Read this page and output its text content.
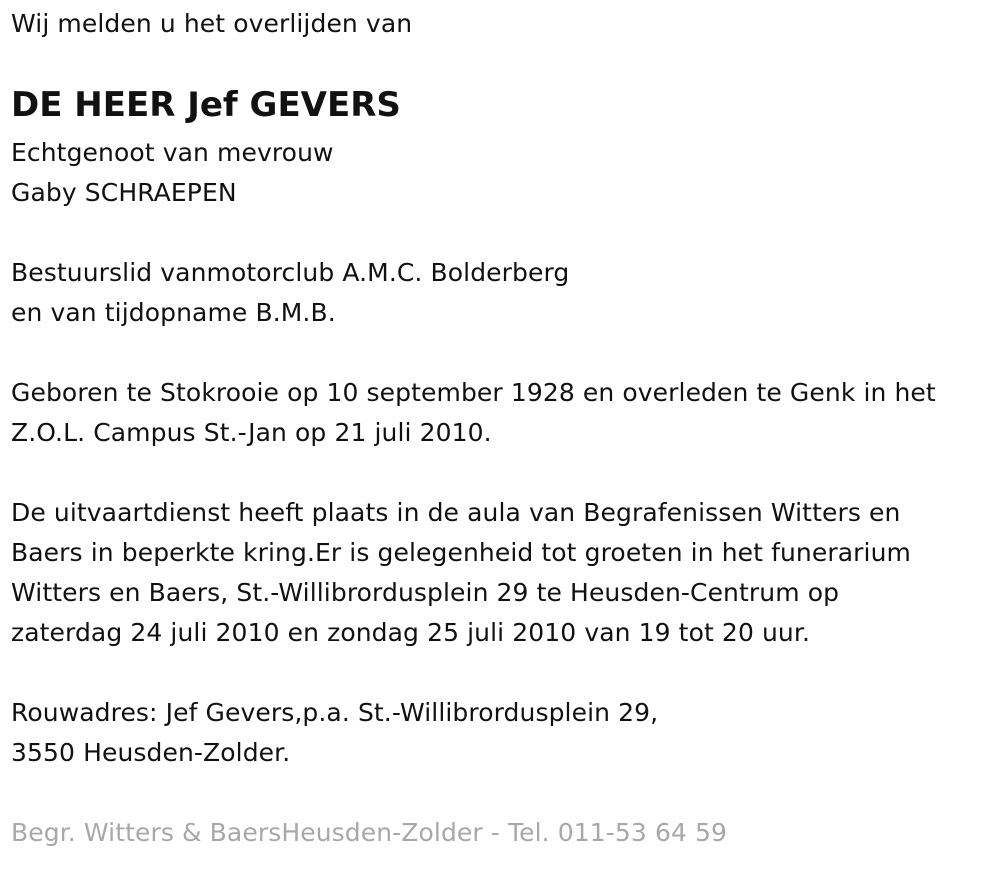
Wij melden u het overlijden van
DE HEER Jef GEVERS
Echtgenoot van mevrouw
Gaby SCHRAEPEN
Bestuurslid vanmotorclub A.M.C. Bolderberg
en van tijdopname B.M.B.
Geboren te Stokrooie op 10 september 1928 en overleden te Genk in het
Z.O.L. Campus St.-Jan op 21 juli 2010.
De uitvaartdienst heeft plaats in de aula van Begrafenissen Witters en
Baers in beperkte kring.Er is gelegenheid tot groeten in het funerarium
Witters en Baers, St.-Willibrordusplein 29 te Heusden-Centrum op
zaterdag 24 juli 2010 en zondag 25 juli 2010 van 19 tot 20 uur.
Rouwadres: Jef Gevers,p.a. St.-Willibrordusplein 29,
3550 Heusden-Zolder.
Begr. Witters & BaersHeusden-Zolder - Tel. 011-53 64 59
